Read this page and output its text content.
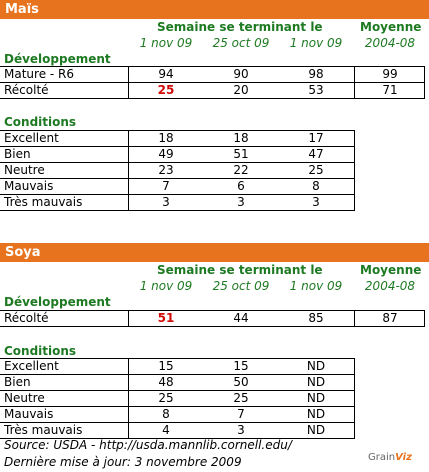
Maïs
Semaine se terminant le	Moyenne
1 nov 09	25 oct 09	1 nov 09	2004-08
Développement
Mature - R6	94	90	98	99
Récolté	25	20	53	71
Conditions
Excellent	18	18	17
Bien	49	51	47
Neutre	23	22	25
Mauvais	7	6	8
Très mauvais	3	3	3
Soya
Semaine se terminant le	Moyenne
1 nov 09	25 oct 09	1 nov 09	2004-08
Développement
Récolté	51	44	85	87
Conditions
Excellent	15	15	ND
Bien	48	50	ND
Neutre	25	25	ND
Mauvais	8	7	ND
Très mauvais	4	3	ND
Source: USDA - http://usda.mannlib.cornell.edu/
Dernière mise à jour: 3 novembre 2009	GrainViz
